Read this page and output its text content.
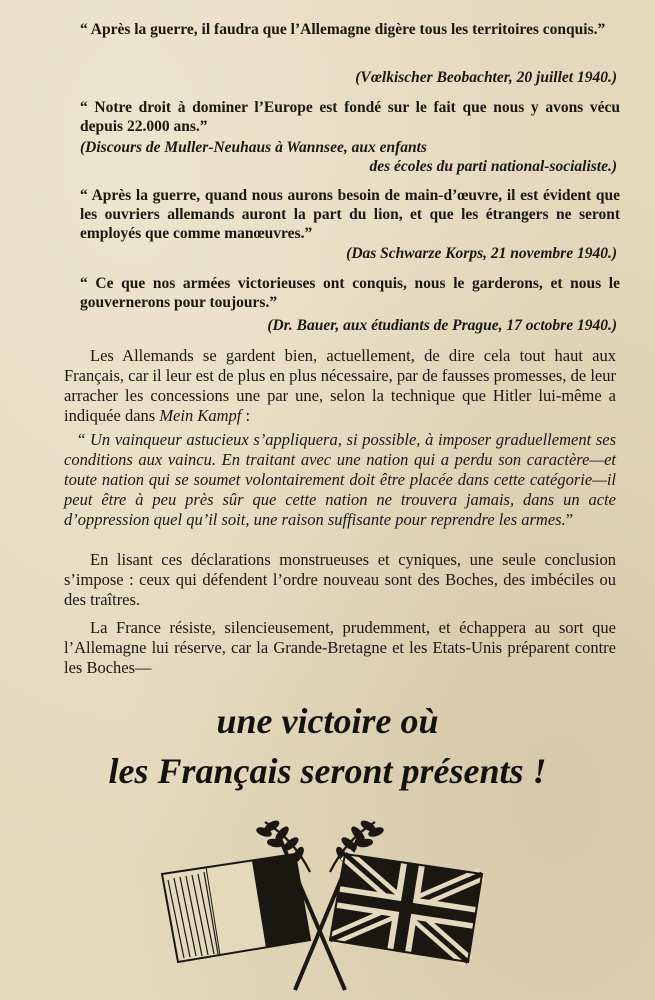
“ Après la guerre, il faudra que l’Allemagne digère tous les territoires conquis.”
(Vœlkischer Beobachter, 20 juillet 1940.)
“ Notre droit à dominer l’Europe est fondé sur le fait que nous y avons vécu depuis 22.000 ans.”
(Discours de Muller-Neuhaus à Wannsee, aux enfants
des écoles du parti national-socialiste.)
“ Après la guerre, quand nous aurons besoin de main-d’œuvre, il est évident que les ouvriers allemands auront la part du lion, et que les étrangers ne seront employés que comme manœuvres.”
(Das Schwarze Korps, 21 novembre 1940.)
“ Ce que nos armées victorieuses ont conquis, nous le garderons, et nous le gouvernerons pour toujours.”
(Dr. Bauer, aux étudiants de Prague, 17 octobre 1940.)
Les Allemands se gardent bien, actuellement, de dire cela tout haut aux Français, car il leur est de plus en plus nécessaire, par de fausses promesses, de leur arracher les concessions une par une, selon la technique que Hitler lui-même a indiquée dans Mein Kampf :
“ Un vainqueur astucieux s’appliquera, si possible, à imposer graduellement ses conditions aux vaincu. En traitant avec une nation qui a perdu son caractère—et toute nation qui se soumet volontairement doit être placée dans cette catégorie—il peut être à peu près sûr que cette nation ne trouvera jamais, dans un acte d’oppression quel qu’il soit, une raison suffisante pour reprendre les armes.”
En lisant ces déclarations monstrueuses et cyniques, une seule conclusion s’impose : ceux qui défendent l’ordre nouveau sont des Boches, des imbéciles ou des traîtres.
La France résiste, silencieusement, prudemment, et échappera au sort que l’Allemagne lui réserve, car la Grande-Bretagne et les Etats-Unis préparent contre les Boches—
une victoire où
les Français seront présents !
